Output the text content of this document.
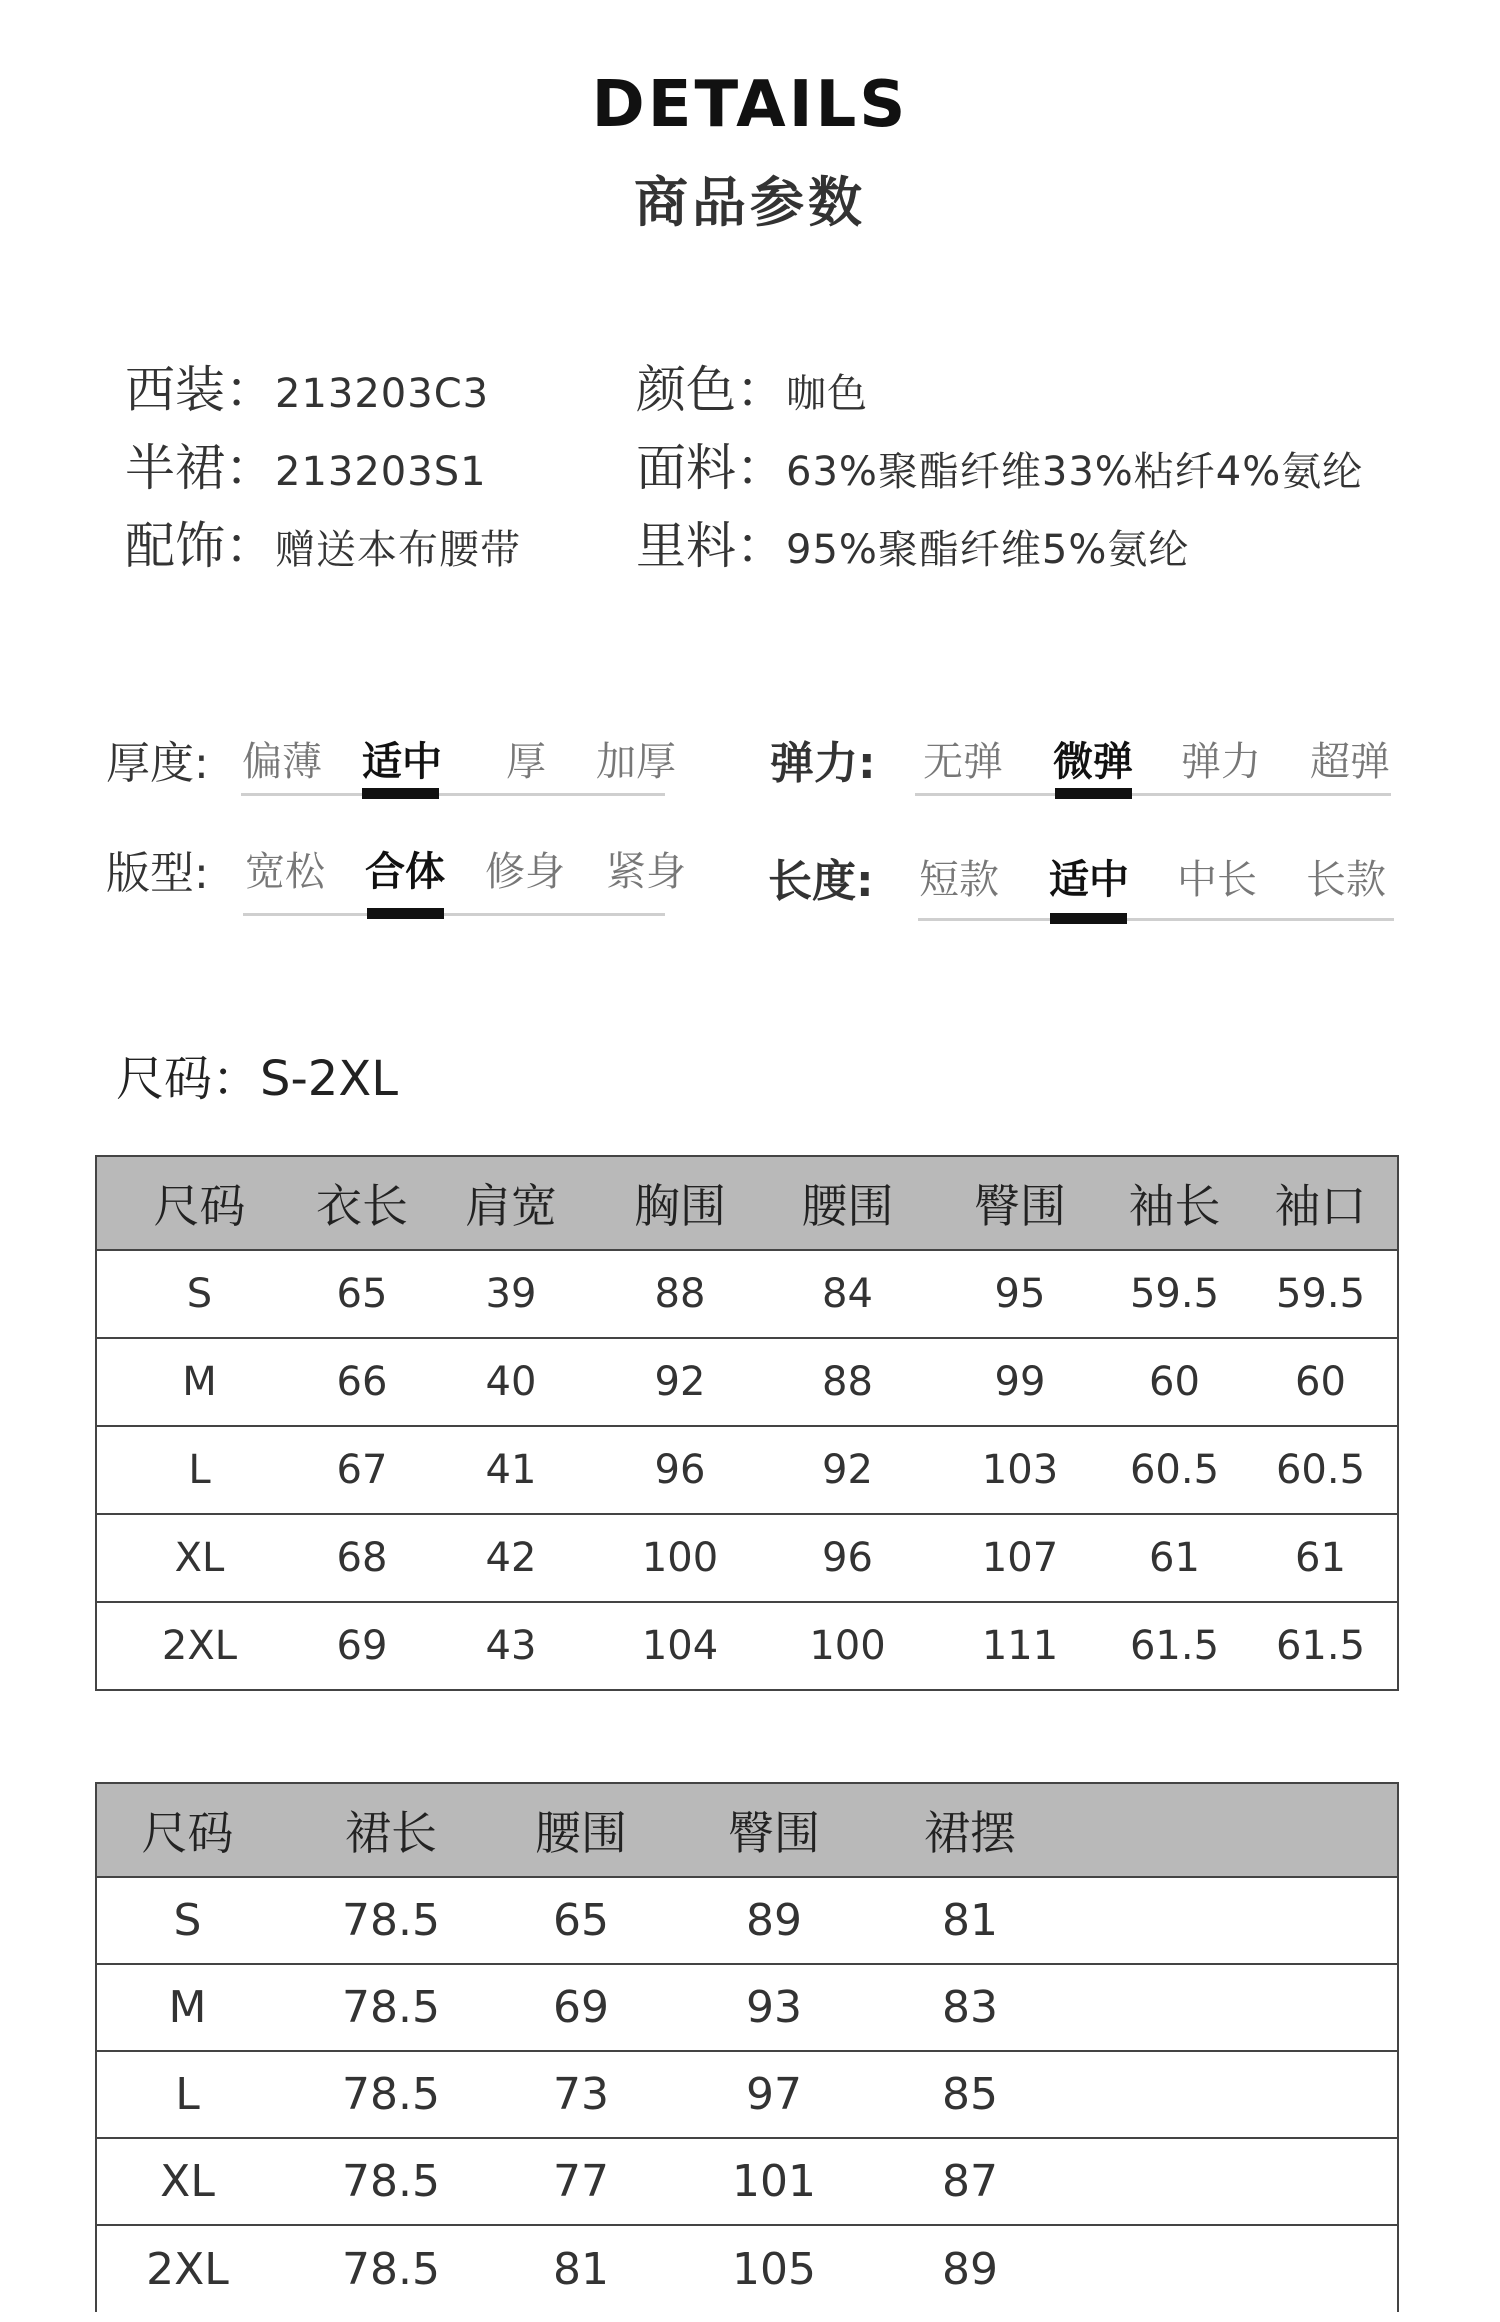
DETAILS
商品参数
西装：213203C3
半裙：213203S1
配饰：赠送本布腰带
颜色：咖色
面料：63%聚酯纤维33%粘纤4%氨纶
里料：95%聚酯纤维5%氨纶
厚度: 偏薄 适中	厚	加厚 弹力: 无弹 微弹 弹力 超弹
版型: 宽松 合体 修身 紧身 长度: 短款 适中 中长 长款
尺码：S-2XL
尺码	衣长	肩宽	胸围	腰围	臀围	袖长	袖口
S	65	39	88	84	95	59.5	59.5
M	66	40	92	88	99	60	60
L	67	41	96	92	103	60.5	60.5
XL	68	42	100	96	107	61	61
2XL	69	43	104	100	111	61.5	61.5
尺码	裙长	腰围	臀围	裙摆	
S	78.5	65	89	81	
M	78.5	69	93	83	
L	78.5	73	97	85	
XL	78.5	77	101	87	
2XL	78.5	81	105	89	
